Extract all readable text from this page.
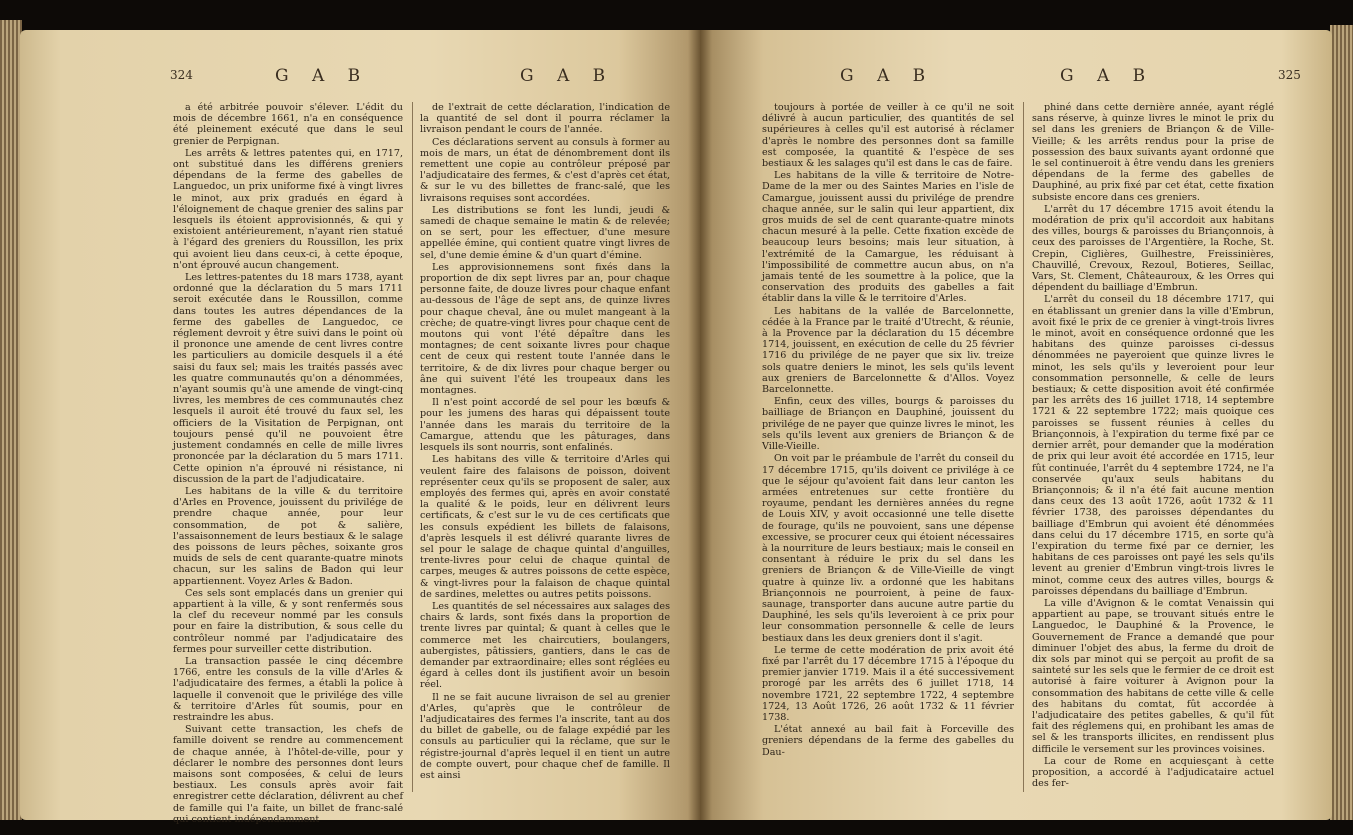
324	G A B	G A B

a été arbitrée pouvoir s'élever. L'édit du mois de décembre 1661, n'a en conséquence été pleinement exécuté que dans le seul grenier de Perpignan.

Les arrêts & lettres patentes qui, en 1717, ont substitué dans les différens greniers dépendans de la ferme des gabelles de Languedoc, un prix uniforme fixé à vingt livres le minot, aux prix gradués en égard à l'éloignement de chaque grenier des salins par lesquels ils étoient approvisionnés, & qui y existoient antérieurement, n'ayant rien statué à l'égard des greniers du Roussillon, les prix qui avoient lieu dans ceux-ci, à cette époque, n'ont éprouvé aucun changement.

Les lettres-patentes du 18 mars 1738, ayant ordonné que la déclaration du 5 mars 1711 seroit exécutée dans le Roussillon, comme dans toutes les autres dépendances de la ferme des gabelles de Languedoc, ce réglement devroit y être suivi dans le point où il prononce une amende de cent livres contre les particuliers au domicile desquels il a été saisi du faux sel; mais les traités passés avec les quatre communautés qu'on a dénommées, n'ayant soumis qu'à une amende de vingt-cinq livres, les membres de ces communautés chez lesquels il auroit été trouvé du faux sel, les officiers de la Visitation de Perpignan, ont toujours pensé qu'il ne pouvoient être justement condamnés en celle de mille livres prononcée par la déclaration du 5 mars 1711. Cette opinion n'a éprouvé ni résistance, ni discussion de la part de l'adjudicataire.

Les habitans de la ville & du territoire d'Arles en Provence, jouissent du privilége de prendre chaque année, pour leur consommation, de pot & salière, l'assaisonnement de leurs bestiaux & le salage des poissons de leurs pêches, soixante gros muids de sels de cent quarante-quatre minots chacun, sur les salins de Badon qui leur appartiennent. Voyez Arles & Badon.

Ces sels sont emplacés dans un grenier qui appartient à la ville, & y sont renfermés sous la clef du receveur nommé par les consuls pour en faire la distribution, & sous celle du contrôleur nommé par l'adjudicataire des fermes pour surveiller cette distribution.

La transaction passée le cinq décembre 1766, entre les consuls de la ville d'Arles & l'adjudicataire des fermes, a établi la police à laquelle il convenoit que le privilége des ville & territoire d'Arles fût soumis, pour en restraindre les abus.

Suivant cette transaction, les chefs de famille doivent se rendre au commencement de chaque année, à l'hôtel-de-ville, pour y déclarer le nombre des personnes dont leurs maisons sont composées, & celui de leurs bestiaux. Les consuls après avoir fait enregistrer cette déclaration, délivrent au chef de famille qui l'a faite, un billet de franc-salé qui contient indépendamment

de l'extrait de cette déclaration, l'indication de la quantité de sel dont il pourra réclamer la livraison pendant le cours de l'année.

Ces déclarations servent au consuls à former au mois de mars, un état de dénombrement dont ils remettent une copie au contrôleur préposé par l'adjudicataire des fermes, & c'est d'après cet état, & sur le vu des billettes de franc-salé, que les livraisons requises sont accordées.

Les distributions se font les lundi, jeudi & samedi de chaque semaine le matin & de relevée; on se sert, pour les effectuer, d'une mesure appellée émine, qui contient quatre vingt livres de sel, d'une demie émine & d'un quart d'émine.

Les approvisionnemens sont fixés dans la proportion de dix sept livres par an, pour chaque personne faite, de douze livres pour chaque enfant au-dessous de l'âge de sept ans, de quinze livres pour chaque cheval, âne ou mulet mangeant à la crèche; de quatre-vingt livres pour chaque cent de moutons qui vont l'été dépaître dans les montagnes; de cent soixante livres pour chaque cent de ceux qui restent toute l'année dans le territoire, & de dix livres pour chaque berger ou âne qui suivent l'été les troupeaux dans les montagnes.

Il n'est point accordé de sel pour les bœufs & pour les jumens des haras qui dépaissent toute l'année dans les marais du territoire de la Camargue, attendu que les pâturages, dans lesquels ils sont nourris, sont enfalinés.

Les habitans des ville & territoire d'Arles qui veulent faire des falaisons de poisson, doivent représenter ceux qu'ils se proposent de saler, aux employés des fermes qui, après en avoir constaté la qualité & le poids, leur en délivrent leurs certificats, & c'est sur le vu de ces certificats que les consuls expédient les billets de falaisons, d'après lesquels il est délivré quarante livres de sel pour le salage de chaque quintal d'anguilles, trente-livres pour celui de chaque quintal de carpes, meuges & autres poissons de cette espèce, & vingt-livres pour la falaison de chaque quintal de sardines, melettes ou autres petits poissons.

Les quantités de sel nécessaires aux salages des chairs & lards, sont fixés dans la proportion de trente livres par quintal; & quant à celles que le commerce met les chaircutiers, boulangers, aubergistes, pâtissiers, gantiers, dans le cas de demander par extraordinaire; elles sont réglées eu égard à celles dont ils justifient avoir un besoin réel.

Il ne se fait aucune livraison de sel au grenier d'Arles, qu'après que le contrôleur de l'adjudicataires des fermes l'a inscrite, tant au dos du billet de gabelle, ou de falage expédié par les consuls au particulier qui la réclame, que sur le régistre-journal d'après lequel il en tient un autre de compte ouvert, pour chaque chef de famille. Il est ainsi

G A B	G A B	325

toujours à portée de veiller à ce qu'il ne soit délivré à aucun particulier, des quantités de sel supérieures à celles qu'il est autorisé à réclamer d'après le nombre des personnes dont sa famille est composée, la quantité & l'espèce de ses bestiaux & les salages qu'il est dans le cas de faire.

Les habitans de la ville & territoire de Notre-Dame de la mer ou des Saintes Maries en l'isle de Camargue, jouissent aussi du privilége de prendre chaque année, sur le salin qui leur appartient, dix gros muids de sel de cent quarante-quatre minots chacun mesuré à la pelle. Cette fixation excède de beaucoup leurs besoins; mais leur situation, à l'extrémité de la Camargue, les réduisant à l'impossibilité de commettre aucun abus, on n'a jamais tenté de les soumettre à la police, que la conservation des produits des gabelles a fait établir dans la ville & le territoire d'Arles.

Les habitans de la vallée de Barcelonnette, cédée à la France par le traité d'Utrecht, & réunie, à la Provence par la déclaration du 15 décembre 1714, jouissent, en exécution de celle du 25 février 1716 du privilége de ne payer que six liv. treize sols quatre deniers le minot, les sels qu'ils levent aux greniers de Barcelonnette & d'Allos. Voyez Barcelonnette.

Enfin, ceux des villes, bourgs & paroisses du bailliage de Briançon en Dauphiné, jouissent du privilége de ne payer que quinze livres le minot, les sels qu'ils levent aux greniers de Briançon & de Ville-Vieille.

On voit par le préambule de l'arrêt du conseil du 17 décembre 1715, qu'ils doivent ce privilége à ce que le séjour qu'avoient fait dans leur canton les armées entretenues sur cette frontière du royaume, pendant les dernières années du regne de Louis XIV, y avoit occasionné une telle disette de fourage, qu'ils ne pouvoient, sans une dépense excessive, se procurer ceux qui étoient nécessaires à la nourriture de leurs bestiaux; mais le conseil en consentant à réduire le prix du sel dans les greniers de Briançon & de Ville-Vieille de vingt quatre à quinze liv. a ordonné que les habitans Briançonnois ne pourroient, à peine de faux-saunage, transporter dans aucune autre partie du Dauphiné, les sels qu'ils leveroient à ce prix pour leur consommation personnelle & celle de leurs bestiaux dans les deux greniers dont il s'agit.

Le terme de cette modération de prix avoit été fixé par l'arrêt du 17 décembre 1715 à l'époque du premier janvier 1719. Mais il a été successivement prorogé par les arrêts des 6 juillet 1718, 14 novembre 1721, 22 septembre 1722, 4 septembre 1724, 13 Août 1726, 26 août 1732 & 11 février 1738.

L'état annexé au bail fait à Forceville des greniers dépendans de la ferme des gabelles du Dau-

phiné dans cette dernière année, ayant réglé sans réserve, à quinze livres le minot le prix du sel dans les greniers de Briançon & de Ville-Vieille; & les arrêts rendus pour la prise de possession des baux suivants ayant ordonné que le sel continueroit à être vendu dans les greniers dépendans de la ferme des gabelles de Dauphiné, au prix fixé par cet état, cette fixation subsiste encore dans ces greniers.

L'arrêt du 17 décembre 1715 avoit étendu la modération de prix qu'il accordoit aux habitans des villes, bourgs & paroisses du Briançonnois, à ceux des paroisses de l'Argentière, la Roche, St. Crepin, Ciglières, Guilhestre, Freissinières, Chauvillé, Crevoux, Rezoul, Botieres, Seillac, Vars, St. Clement, Châteauroux, & les Orres qui dépendent du bailliage d'Embrun.

L'arrêt du conseil du 18 décembre 1717, qui en établissant un grenier dans la ville d'Embrun, avoit fixé le prix de ce grenier à vingt-trois livres le minot, avoit en conséquence ordonné que les habitans des quinze paroisses ci-dessus dénommées ne payeroient que quinze livres le minot, les sels qu'ils y leveroient pour leur consommation personnelle, & celle de leurs bestiaux; & cette disposition avoit été confirmée par les arrêts des 16 juillet 1718, 14 septembre 1721 & 22 septembre 1722; mais quoique ces paroisses se fussent réunies à celles du Briançonnois, à l'expiration du terme fixé par ce dernier arrêt, pour demander que la modération de prix qui leur avoit été accordée en 1715, leur fût continuée, l'arrêt du 4 septembre 1724, ne l'a conservée qu'aux seuls habitans du Briançonnois; & il n'a été fait aucune mention dans ceux des 13 août 1726, août 1732 & 11 février 1738, des paroisses dépendantes du bailliage d'Embrun qui avoient été dénommées dans celui du 17 décembre 1715, en sorte qu'à l'expiration du terme fixé par ce dernier, les habitans de ces paroisses ont payé les sels qu'ils levent au grenier d'Embrun vingt-trois livres le minot, comme ceux des autres villes, bourgs & paroisses dépendans du bailliage d'Embrun.

La ville d'Avignon & le comtat Venaissin qui appartient au pape, se trouvant situés entre le Languedoc, le Dauphiné & la Provence, le Gouvernement de France a demandé que pour diminuer l'objet des abus, la ferme du droit de dix sols par minot qui se perçoit au profit de sa sainteté sur les sels que le fermier de ce droit est autorisé à faire voiturer à Avignon pour la consommation des habitans de cette ville & celle des habitans du comtat, fût accordée à l'adjudicataire des petites gabelles, & qu'il fût fait des réglemens qui, en prohibant les amas de sel & les transports illicites, en rendissent plus difficile le versement sur les provinces voisines.

La cour de Rome en acquiesçant à cette proposition, a accordé à l'adjudicataire actuel des fer-
